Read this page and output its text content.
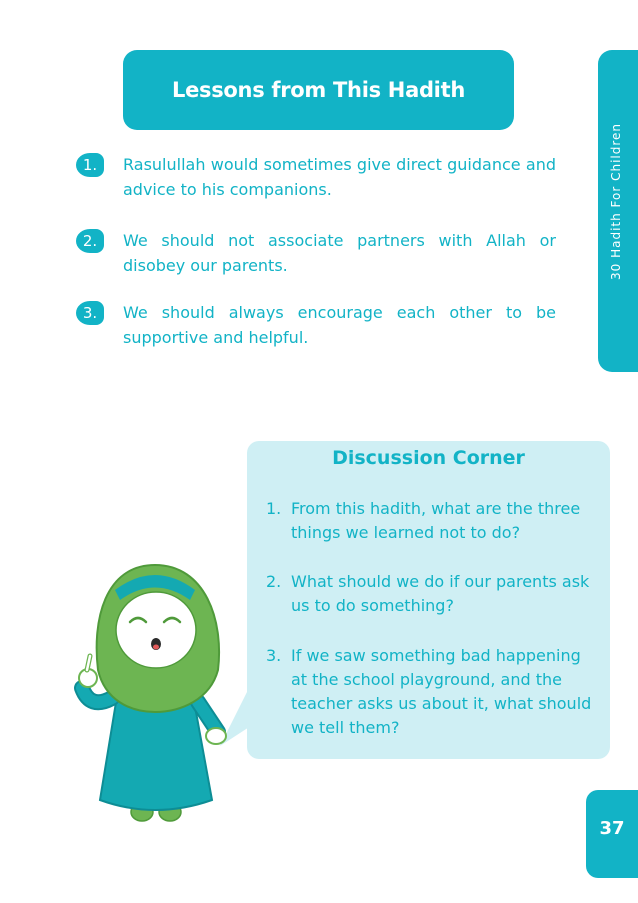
Lessons from This Hadith
30 Hadith For Children
1.	Rasulullah would sometimes give direct guidance and advice to his companions.
2.	We should not associate partners with Allah or disobey our parents.
3.	We should always encourage each other to be supportive and helpful.
Discussion Corner
1. From this hadith, what are the three things we learned not to do?
2. What should we do if our parents ask us to do something?
3. If we saw something bad happening at the school playground, and the teacher asks us about it, what should we tell them?
37
